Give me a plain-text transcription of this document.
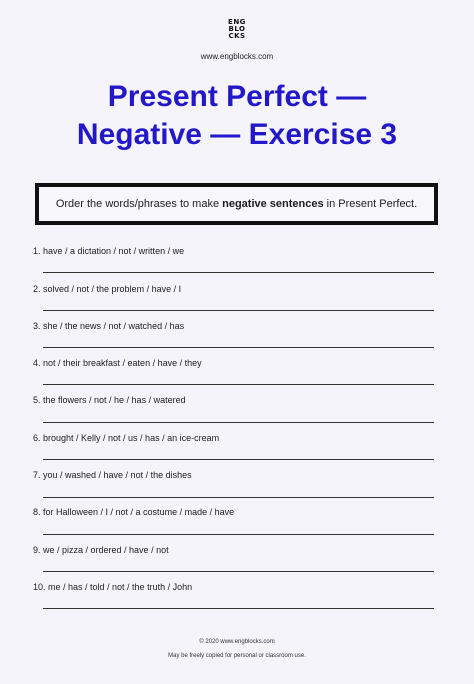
ENG
BLO
CKS
www.engblocks.com
Present Perfect —
Negative — Exercise 3
Order the words/phrases to make negative sentences in Present Perfect.
1. have / a dictation / not / written / we
2. solved / not / the problem / have / I
3. she / the news / not / watched / has
4. not / their breakfast / eaten / have / they
5. the flowers / not / he / has / watered
6. brought / Kelly / not / us / has / an ice-cream
7. you / washed / have / not / the dishes
8. for Halloween / I / not / a costume / made / have
9. we / pizza / ordered / have / not
10. me / has / told / not / the truth / John
© 2020 www.engblocks.com
May be freely copied for personal or classroom use.
